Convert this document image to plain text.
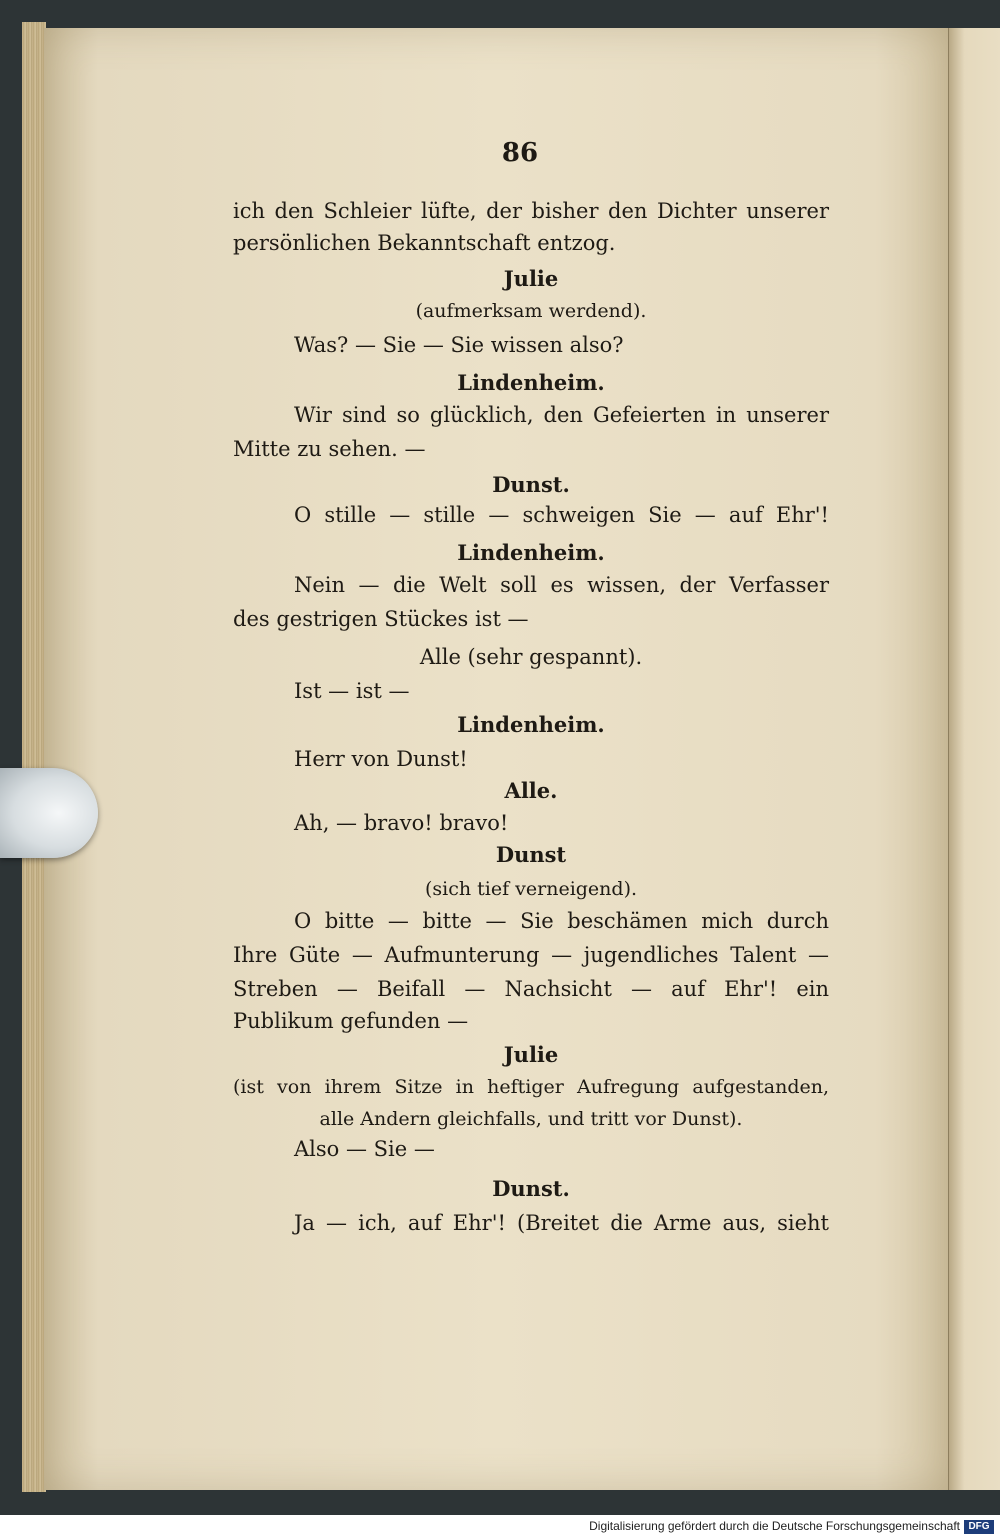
86
ich den Schleier lüfte, der bisher den Dichter unserer
persönlichen Bekanntschaft entzog.
Julie
(aufmerksam werdend).
Was? — Sie — Sie wissen also?
Lindenheim.
Wir sind so glücklich, den Gefeierten in unserer
Mitte zu sehen. —
Dunst.
O stille — stille — schweigen Sie — auf Ehr'!
Lindenheim.
Nein — die Welt soll es wissen, der Verfasser
des gestrigen Stückes ist —
Alle (sehr gespannt).
Ist — ist —
Lindenheim.
Herr von Dunst!
Alle.
Ah, — bravo! bravo!
Dunst
(sich tief verneigend).
O bitte — bitte — Sie beschämen mich durch
Ihre Güte — Aufmunterung — jugendliches Talent —
Streben — Beifall — Nachsicht — auf Ehr'! ein
Publikum gefunden —
Julie
(ist von ihrem Sitze in heftiger Aufregung aufgestanden,
alle Andern gleichfalls, und tritt vor Dunst).
Also — Sie —
Dunst.
Ja — ich, auf Ehr'! (Breitet die Arme aus, sieht
Digitalisierung gefördert durch die Deutsche Forschungsgemeinschaft DFG
